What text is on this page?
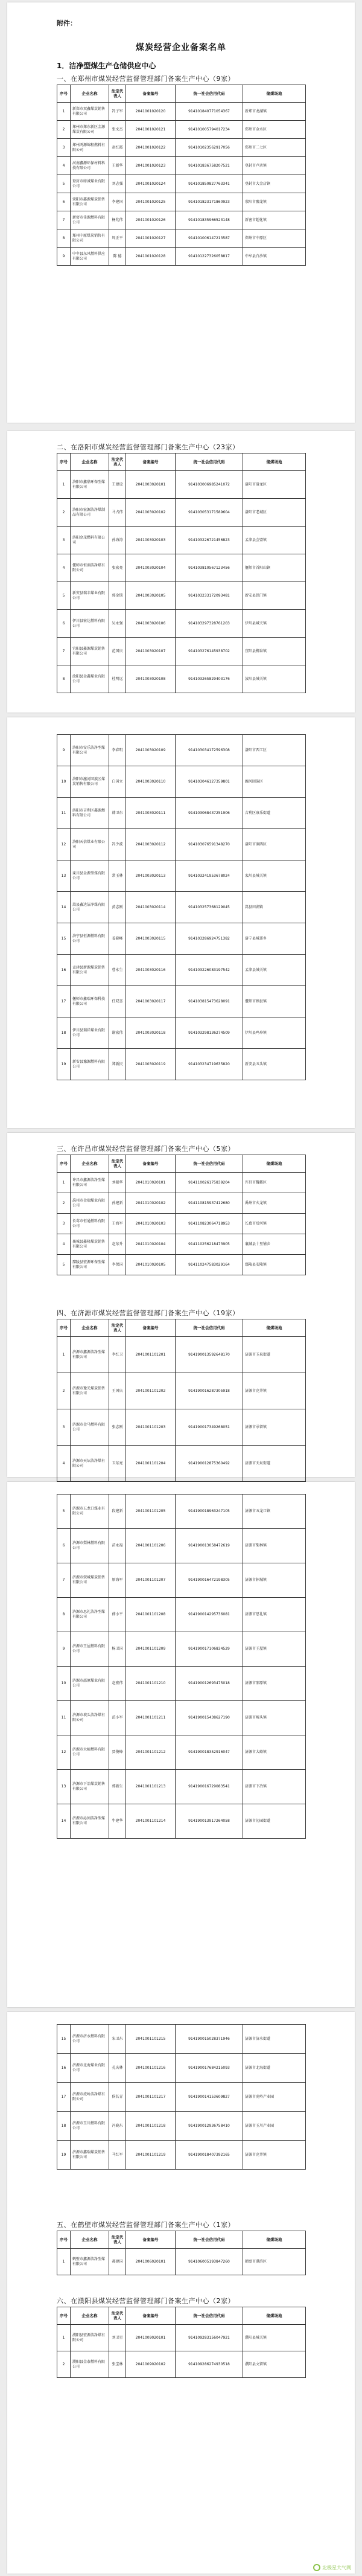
附件：
煤炭经营企业备案名单
1．洁净型煤生产仓储供应中心
一、在郑州市煤炭经营监督管理部门备案生产中心（9家）
序号	企业名称	法定代表人	备案编号	统一社会信用代码	储煤场地
1	新郑市双鑫煤炭销售有限公司	冯子军	2041001020120	914101840771054367	新郑市龙湖镇
2	郑州市郑东新区金源煤炭有限公司	张文杰	2041001020121	914101005794017234	郑州市金水区
3	郑州鸿源锦程燃料有限公司	赵红霞	2041001020122	914101023562917056	郑州市二七区
4	河南鑫源环保材料科技有限公司	王新华	2041001020123	914101836758207521	登封市卢店镇
5	登封市缔诚煤业有限公司	刘志强	2041001020124	914101850827763341	登封市大金店镇
6	荥阳市鑫源煤炭销售有限公司	李建国	2041001020125	914101823171860923	荥阳市豫龙镇
7	新密市佳源燃料有限公司	杨兆伟	2041001020126	914101835966523148	新密市超化镇
8	郑州中原煤炭销售有限公司	周正平	2041001020127	914101006147213587	郑州市中原区
9	中牟县东风燃料供应有限公司	陈 德	2041001020128	914101227326058817	中牟县白沙镇
二、在洛阳市煤炭经营监督管理部门备案生产中心（23家）
序号	企业名称	法定代表人	备案编号	统一社会信用代码	储煤场地
1	洛阳市鑫鼎环保型煤有限公司	王建设	2041003020101	914103006985241072	洛阳市洛龙区
2	洛阳市宏源洁净煤制品有限公司	马占伟	2041003020102	914103053171589604	洛阳市老城区
3	洛阳金茂燃料有限公司	孙海涛	2041003020103	914103226721456823	孟津县会盟镇
4	偃师市恒润洁净煤有限公司	张宏亮	2041003020104	914103810567123456	偃师市首阳山镇
5	新安县瑞丰煤业有限公司	郭金锁	2041003020105	914103233172093481	新安县铁门镇
6	伊川县宏达燃料有限公司	吴永强	2041003020106	914103297328761203	伊川县城关镇
7	宜阳县鑫源煤炭销售有限公司	范国庆	2041003020107	914103276145938702	宜阳县柳泉镇
8	汝阳县金鑫煤业有限公司	杜明远	2041003020108	914103265829403176	汝阳县城关镇
9	洛阳市安乐洁净型煤有限公司	李春明	2041003020109	914103034172596308	洛阳市西工区
10	洛阳市瀍河回族区煤炭销售有限公司	白国立	2041003020110	914103046127359801	瀍河回族区
11	洛阳市吉利区鑫源燃料有限公司	韩卫东	2041003020111	914103068437251906	吉利区康乐街道
12	洛阳天信煤业有限公司	冯少波	2041003020112	914103076591348270	洛阳市涧西区
13	栾川县金源型煤有限公司	常玉林	2041003020113	914103241953678024	栾川县城关镇
14	嵩县鑫达洁净煤有限公司	黄志刚	2041003020114	914103257368129045	嵩县田湖镇
15	洛宁县恒源燃料有限公司	姜晓峰	2041003020115	914103286924751382	洛宁县城郊乡
16	孟津县新源煤炭销售有限公司	曹永生	2041003020116	914103226083197542	孟津县城关镇
17	偃师市鑫瑞环保科技有限公司	任双喜	2041003020117	914103815473628091	偃师市顾县镇
18	伊川县瑞祥煤业有限公司	谢宏伟	2041003020118	914103298136274509	伊川县鸣皋镇
19	新安县豫源燃料有限公司	郑新民	2041003020119	914103234719635820	新安县五头镇
三、在许昌市煤炭经营监督管理部门备案生产中心（5家）
序号	企业名称	法定代表人	备案编号	统一社会信用代码	储煤场地
1	许昌市鑫源洁净型煤有限公司	刘振华	2041010020101	914110026175839204	许昌市魏都区
2	禹州市金瑞煤业有限公司	孙建新	2041010020102	914110815937412680	禹州市火龙镇
3	长葛市恒通燃料有限公司	王海军	2041010020103	914110823064718953	长葛市后河镇
4	襄城县鑫隆煤炭销售有限公司	赵东升	2041010020104	914110256218473905	襄城县十里铺乡
5	鄢陵县宏源环保型煤有限公司	李保国	2041010020105	914110247583029164	鄢陵县安陵镇
四、在济源市煤炭经营监督管理部门备案生产中心（19家）
序号	企业名称	法定代表人	备案编号	统一社会信用代码	储煤场地
1	济源市鑫源洁净型煤有限公司	李红卫	2041001101201	914190013592648170	济源市玉泉街道
2	济源市豫光煤炭销售有限公司	王国庆	2041001101202	914190016287305918	济源市克井镇
3	济源市金马燃料有限公司	张志刚	2041001101203	914190017349268051	济源市承留镇
4	济源市天坛洁净煤有限公司	卫东亮	2041001101204	914190012875360492	济源市天坛街道
5	济源市五龙口煤业有限公司	段建新	2041001101205	914190018963247105	济源市五龙口镇
6	济源市梨林燃料有限公司	苗永福	2041001101206	914190013058472619	济源市梨林镇
7	济源市轵城煤炭销售有限公司	原海军	2041001101207	914190016472198305	济源市轵城镇
8	济源市思礼洁净型煤有限公司	薛小平	2041001101208	914190014295736081	济源市思礼镇
9	济源市王屋燃料有限公司	杨卫国	2041001101209	914190017106834529	济源市王屋镇
10	济源市邵原煤业有限公司	赵宏伟	2041001101210	914190012693475018	济源市邵原镇
11	济源市坡头洁净煤有限公司	范小军	2041001101211	914190015438627190	济源市坡头镇
12	济源市大峪燃料有限公司	贾俊峰	2041001101212	914190018352916047	济源市大峪镇
13	济源市下冶煤炭销售有限公司	郭新生	2041001101213	914190016729083541	济源市下冶镇
14	济源市沁园洁净型煤有限公司	牛建华	2041001101214	914190013917264058	济源市沁园街道
15	济源市济水燃料有限公司	宋卫东	2041001101215	914190015028371946	济源市济水街道
16	济源市北海煤业有限公司	孔庆林	2041001101216	914190017684215093	济源市北海街道
17	济源市虎岭洁净煤有限公司	侯长青	2041001101217	914190014153609827	济源市虎岭产业园
18	济源市玉川燃料有限公司	冯晓东	2041001101218	914190012936758410	济源市玉川产业园
19	济源市鑫瑞煤炭销售有限公司	马红军	2041001101219	914190018407392165	济源市克井镇
五、在鹤壁市煤炭经营监督管理部门备案生产中心（1家）
序号	企业名称	法定代表人	备案编号	统一社会信用代码	储煤场地
1	鹤壁市鑫源洁净型煤有限公司	郝建国	2041006020101	914106005193847260	鹤壁市淇滨区
六、在濮阳县煤炭经营监督管理部门备案生产中心（2家）
序号	企业名称	法定代表人	备案编号	统一社会信用代码	储煤场地
1	濮阳县宏源洁净煤有限公司	刘卫星	2041009020101	914109283156047921	濮阳县城关镇
2	濮阳县金泰燃料有限公司	张宝林	2041009020102	914109286274930518	濮阳县文留镇
北极星大气网
